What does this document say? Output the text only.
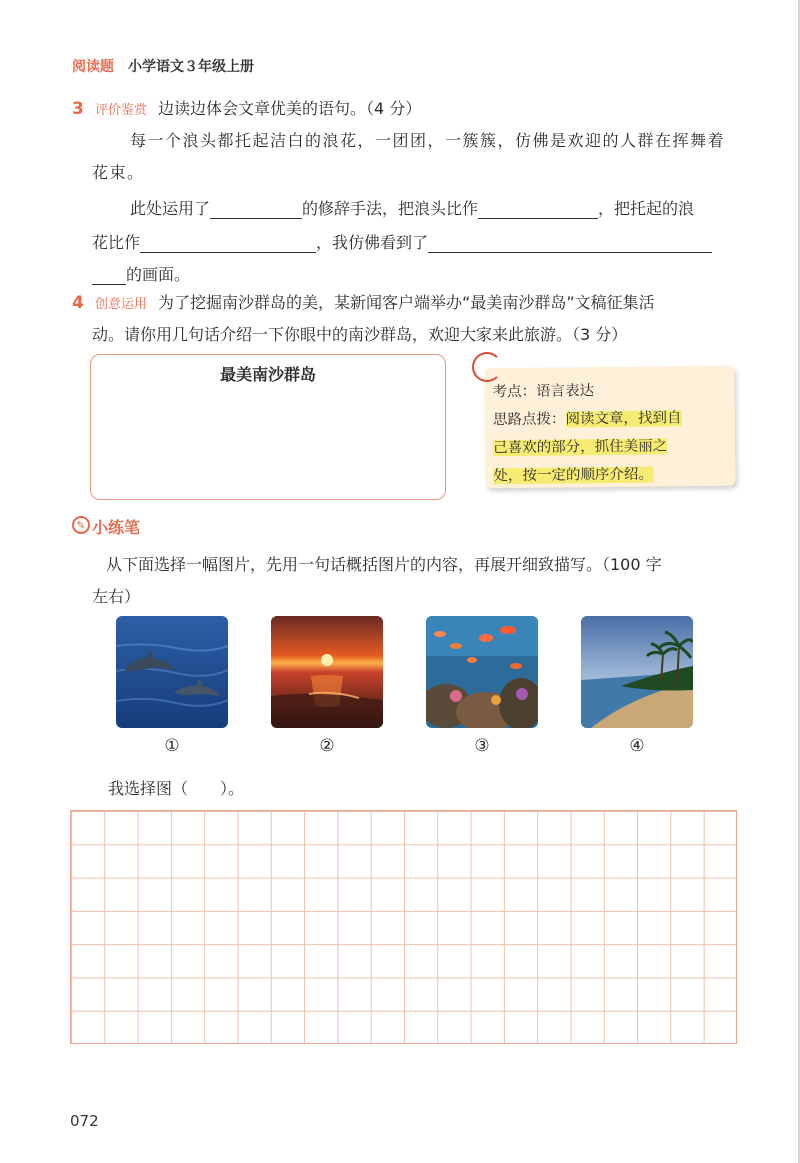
阅读题 小学语文３年级上册
3 评价鉴赏 边读边体会文章优美的语句。（4 分）
每一个浪头都托起洁白的浪花，一团团，一簇簇，仿佛是欢迎的人群在挥舞着
花束。
此处运用了	的修辞手法，把浪头比作	，把托起的浪
花比作	，我仿佛看到了
的画面。
4 创意运用 为了挖掘南沙群岛的美，某新闻客户端举办“最美南沙群岛”文稿征集活
动。请你用几句话介绍一下你眼中的南沙群岛，欢迎大家来此旅游。（3 分）
最美南沙群岛
考点：语言表达
思路点拨：阅读文章，找到自
己喜欢的部分，抓住美丽之
处，按一定的顺序介绍。
✎ 小练笔
从下面选择一幅图片，先用一句话概括图片的内容，再展开细致描写。（100 字
左右）
①	②	③	④
我选择图（　　）。
072
